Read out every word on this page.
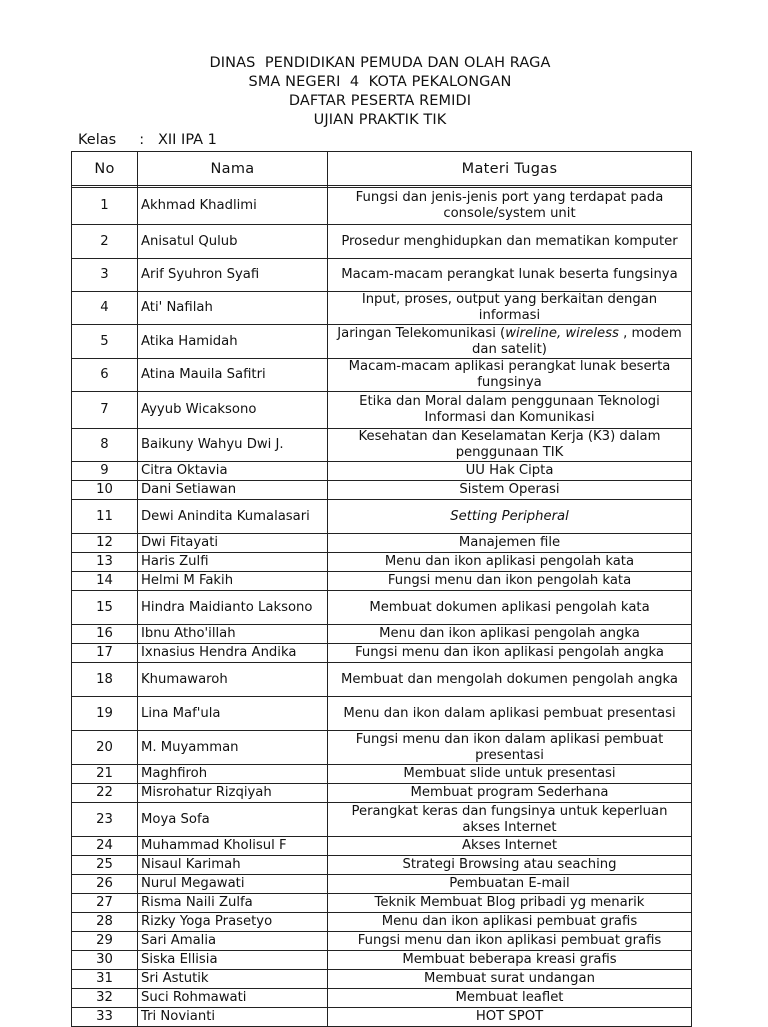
DINAS  PENDIDIKAN PEMUDA DAN OLAH RAGA
SMA NEGERI  4  KOTA PEKALONGAN
DAFTAR PESERTA REMIDI
UJIAN PRAKTIK TIK
Kelas : XII IPA 1
No	Nama	Materi Tugas

1	Akhmad Khadlimi	Fungsi dan jenis-jenis port yang terdapat pada console/system unit
2	Anisatul Qulub	Prosedur menghidupkan dan mematikan komputer
3	Arif Syuhron Syafi	Macam-macam perangkat lunak beserta fungsinya
4	Ati' Nafilah	Input, proses, output yang berkaitan dengan informasi
5	Atika Hamidah	Jaringan Telekomunikasi (wireline, wireless , modem dan satelit)
6	Atina Mauila Safitri	Macam-macam aplikasi perangkat lunak beserta fungsinya
7	Ayyub Wicaksono	Etika dan Moral dalam penggunaan Teknologi Informasi dan Komunikasi
8	Baikuny Wahyu Dwi J.	Kesehatan dan Keselamatan Kerja (K3) dalam penggunaan TIK
9	Citra Oktavia	UU Hak Cipta
10	Dani Setiawan	Sistem Operasi
11	Dewi Anindita Kumalasari	Setting Peripheral
12	Dwi Fitayati	Manajemen file
13	Haris Zulfi	Menu dan ikon aplikasi pengolah kata
14	Helmi M Fakih	Fungsi menu dan ikon pengolah kata
15	Hindra Maidianto Laksono	Membuat dokumen aplikasi pengolah kata
16	Ibnu Atho'illah	Menu dan ikon aplikasi pengolah angka
17	Ixnasius Hendra Andika	Fungsi menu dan ikon aplikasi pengolah angka
18	Khumawaroh	Membuat dan mengolah dokumen pengolah angka
19	Lina Maf'ula	Menu dan ikon dalam aplikasi pembuat presentasi
20	M. Muyamman	Fungsi menu dan ikon dalam aplikasi pembuat presentasi
21	Maghfiroh	Membuat slide untuk presentasi
22	Misrohatur Rizqiyah	Membuat program Sederhana
23	Moya Sofa	Perangkat keras dan fungsinya untuk keperluan akses Internet
24	Muhammad Kholisul F	Akses Internet
25	Nisaul Karimah	Strategi Browsing atau seaching
26	Nurul Megawati	Pembuatan E-mail
27	Risma Naili Zulfa	Teknik Membuat Blog pribadi yg menarik
28	Rizky Yoga Prasetyo	Menu dan ikon aplikasi pembuat grafis
29	Sari Amalia	Fungsi menu dan ikon aplikasi pembuat grafis
30	Siska Ellisia	Membuat beberapa kreasi grafis
31	Sri Astutik	Membuat surat undangan
32	Suci Rohmawati	Membuat leaflet
33	Tri Novianti	HOT SPOT
